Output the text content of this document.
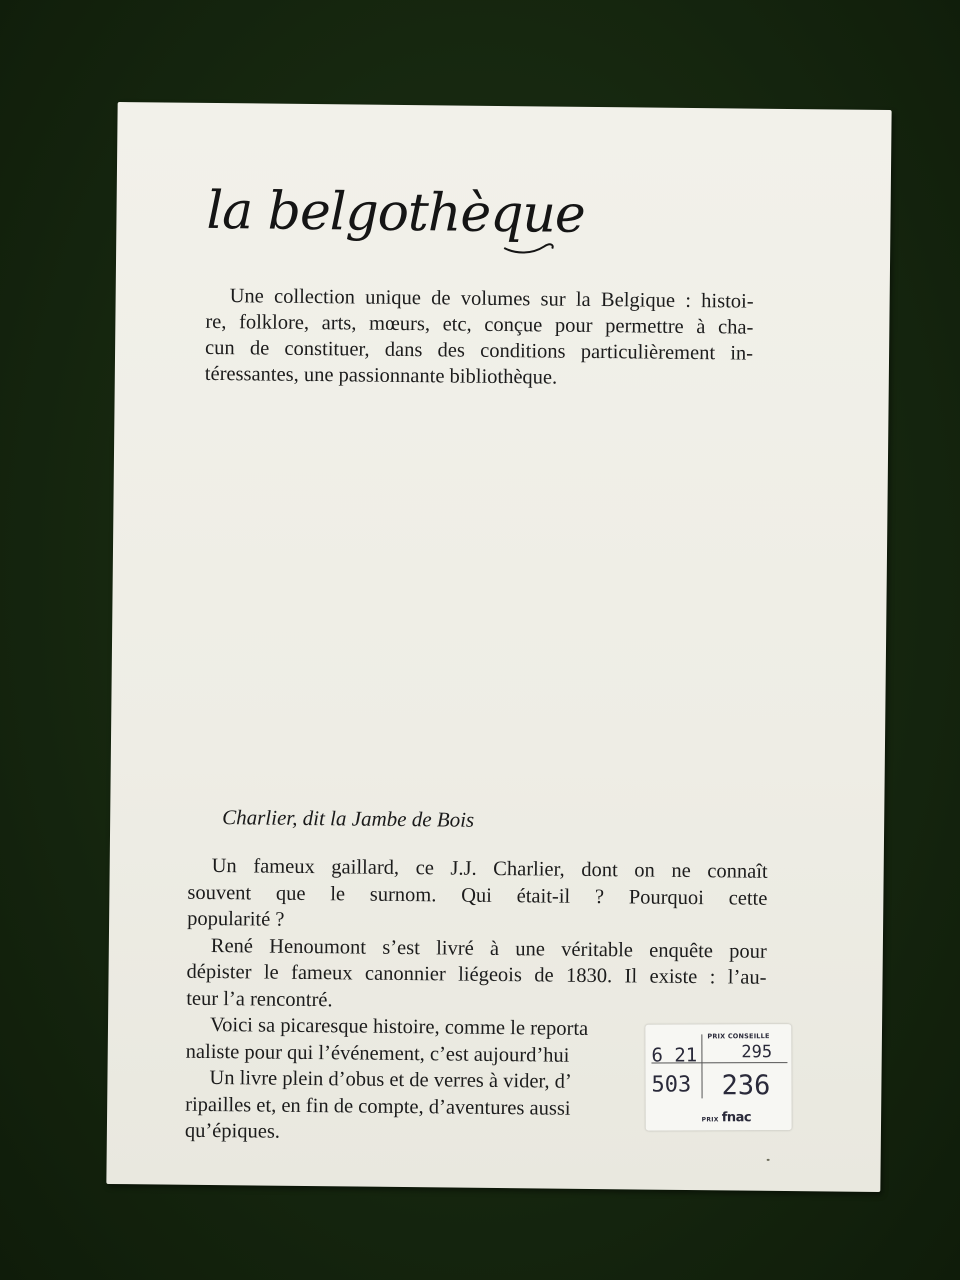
la belgothèque

Une collection unique de volumes sur la Belgique : histoi-
re, folklore, arts, mœurs, etc, conçue pour permettre à cha-
cun de constituer, dans des conditions particulièrement in-
téressantes, une passionnante bibliothèque.

Charlier, dit la Jambe de Bois

Un fameux gaillard, ce J.J. Charlier, dont on ne connaît
souvent que le surnom. Qui était-il ? Pourquoi cette
popularité ?
René Henoumont s’est livré à une véritable enquête pour
dépister le fameux canonnier liégeois de 1830. Il existe : l’au-
teur l’a rencontré.
Voici sa picaresque histoire, comme le reporta
naliste pour qui l’événement, c’est aujourd’hui
Un livre plein d’obus et de verres à vider, d’
ripailles et, en fin de compte, d’aventures aussi
qu’épiques.
6 21
503
PRIX CONSEILLE
295
236
PRIX fnac
